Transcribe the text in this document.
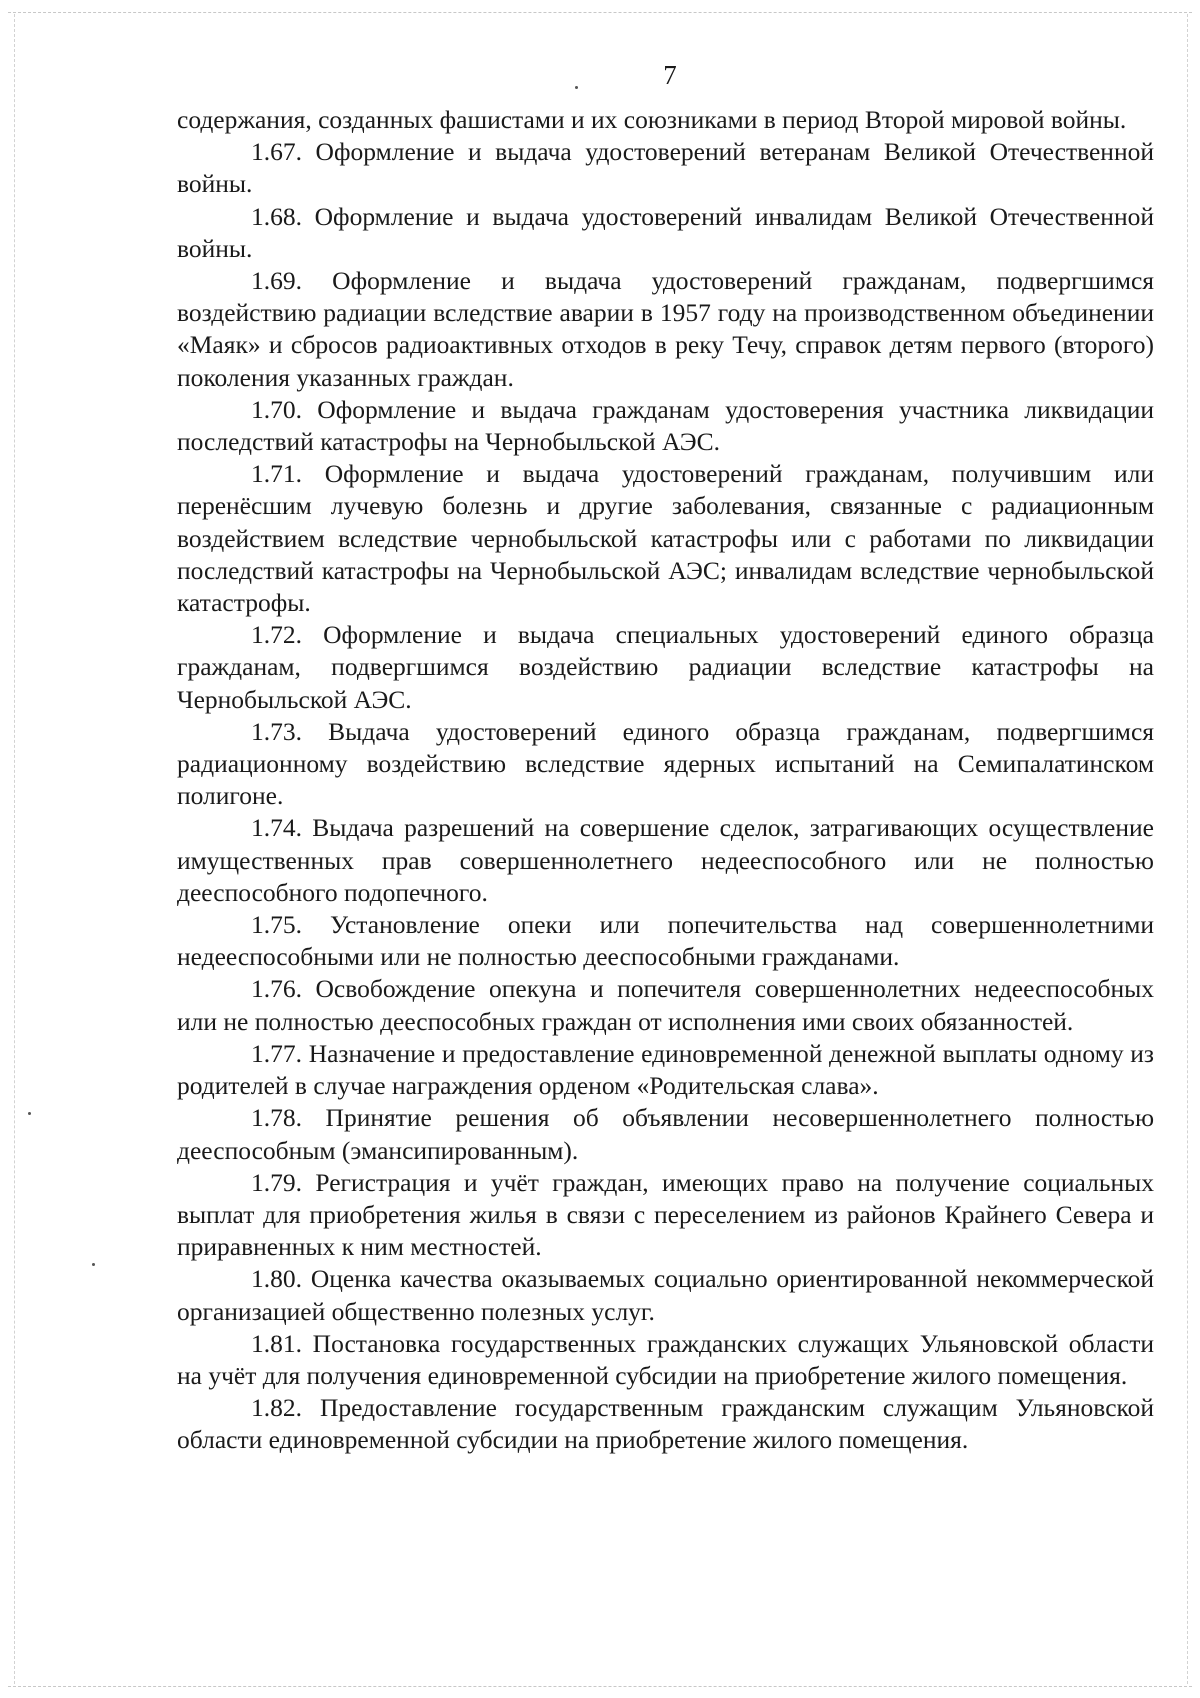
7

содержания, созданных фашистами и их союзниками в период Второй мировой войны.

1.67. Оформление и выдача удостоверений ветеранам Великой Отечественной войны.

1.68. Оформление и выдача удостоверений инвалидам Великой Отечественной войны.

1.69. Оформление и выдача удостоверений гражданам, подвергшимся воздействию радиации вследствие аварии в 1957 году на производственном объединении «Маяк» и сбросов радиоактивных отходов в реку Течу, справок детям первого (второго) поколения указанных граждан.

1.70. Оформление и выдача гражданам удостоверения участника ликвидации последствий катастрофы на Чернобыльской АЭС.

1.71. Оформление и выдача удостоверений гражданам, получившим или перенёсшим лучевую болезнь и другие заболевания, связанные с радиационным воздействием вследствие чернобыльской катастрофы или с работами по ликвидации последствий катастрофы на Чернобыльской АЭС; инвалидам вследствие чернобыльской катастрофы.

1.72. Оформление и выдача специальных удостоверений единого образца гражданам, подвергшимся воздействию радиации вследствие катастрофы на Чернобыльской АЭС.

1.73. Выдача удостоверений единого образца гражданам, подвергшимся радиационному воздействию вследствие ядерных испытаний на Семипалатинском полигоне.

1.74. Выдача разрешений на совершение сделок, затрагивающих осуществление имущественных прав совершеннолетнего недееспособного или не полностью дееспособного подопечного.

1.75. Установление опеки или попечительства над совершеннолетними недееспособными или не полностью дееспособными гражданами.

1.76. Освобождение опекуна и попечителя совершеннолетних недееспособных или не полностью дееспособных граждан от исполнения ими своих обязанностей.

1.77. Назначение и предоставление единовременной денежной выплаты одному из родителей в случае награждения орденом «Родительская слава».

1.78. Принятие решения об объявлении несовершеннолетнего полностью дееспособным (эмансипированным).

1.79. Регистрация и учёт граждан, имеющих право на получение социальных выплат для приобретения жилья в связи с переселением из районов Крайнего Севера и приравненных к ним местностей.

1.80. Оценка качества оказываемых социально ориентированной некоммерческой организацией общественно полезных услуг.

1.81. Постановка государственных гражданских служащих Ульяновской области на учёт для получения единовременной субсидии на приобретение жилого помещения.

1.82. Предоставление государственным гражданским служащим Ульяновской области единовременной субсидии на приобретение жилого помещения.
